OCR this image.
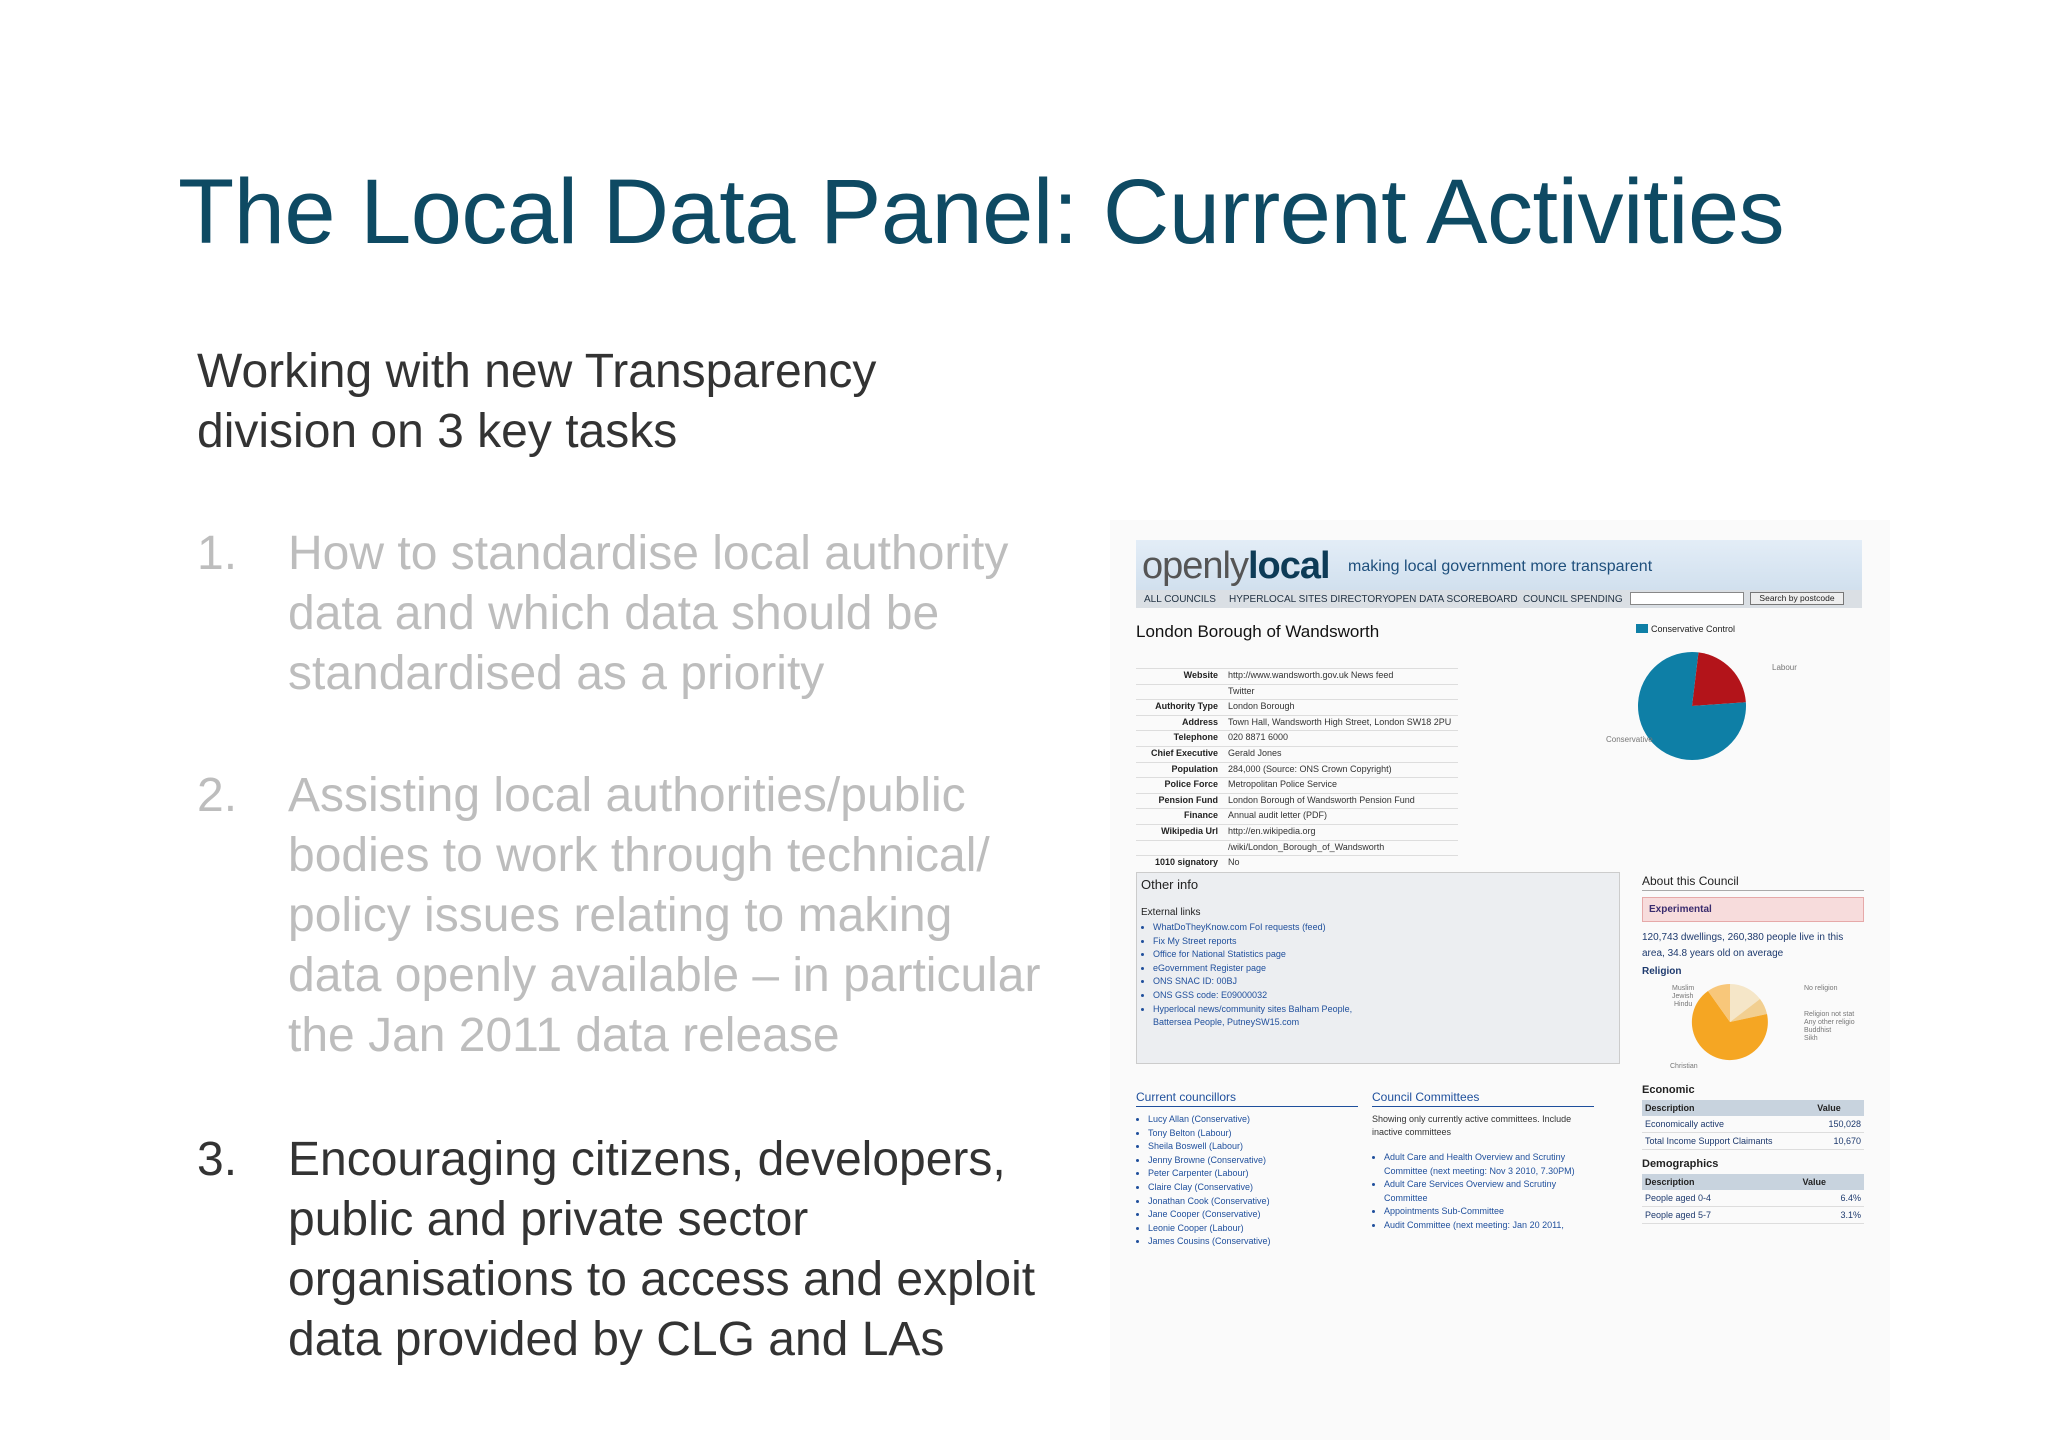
The Local Data Panel: Current Activities
Working with new Transparency
division on 3 key tasks
1. How to standardise local authority
data and which data should be
standardised as a priority
2. Assisting local authorities/public
bodies to work through technical/
policy issues relating to making
data openly available – in particular
the Jan 2011 data release
3. Encouraging citizens, developers,
public and private sector
organisations to access and exploit
data provided by CLG and LAs
openlylocal making local government more transparent
ALL COUNCILS HYPERLOCAL SITES DIRECTORY OPEN DATA SCOREBOARD COUNCIL SPENDING	Search by postcode
London Borough of Wandsworth
Website http://www.wandsworth.gov.uk News feed
Twitter
Authority Type London Borough
Address Town Hall, Wandsworth High Street, London SW18 2PU
Telephone 020 8871 6000
Chief Executive Gerald Jones
Population 284,000 (Source: ONS Crown Copyright)
Police Force Metropolitan Police Service
Pension Fund London Borough of Wandsworth Pension Fund
Finance Annual audit letter (PDF)
Wikipedia Url http://en.wikipedia.org
/wiki/London_Borough_of_Wandsworth
1010 signatory No
Conservative Control
Labour
Conservative
Other info
External links
• WhatDoTheyKnow.com FoI requests (feed)
• Fix My Street reports
• Office for National Statistics page
• eGovernment Register page
• ONS SNAC ID: 00BJ
• ONS GSS code: E09000032
• Hyperlocal news/community sites Balham People, Battersea People, PutneySW15.com
About this Council
Experimental

120,743 dwellings, 260,380 people live in this area, 34.8 years old on average

Religion

Muslim
Jewish
Hindu
No religion
Religion not stat
Any other religio
Buddhist
Sikh
Christian
Current councillors
• Lucy Allan (Conservative)
• Tony Belton (Labour)
• Sheila Boswell (Labour)
• Jenny Browne (Conservative)
• Peter Carpenter (Labour)
• Claire Clay (Conservative)
• Jonathan Cook (Conservative)
• Jane Cooper (Conservative)
• Leonie Cooper (Labour)
• James Cousins (Conservative)
Council Committees
Showing only currently active committees. Include inactive committees
• Adult Care and Health Overview and Scrutiny Committee (next meeting: Nov 3 2010, 7.30PM)
• Adult Care Services Overview and Scrutiny Committee
• Appointments Sub-Committee
• Audit Committee (next meeting: Jan 20 2011,
Economic
Description	Value
Economically active	150,028
Total Income Support Claimants	10,670
Demographics
Description	Value
People aged 0-4	6.4%
People aged 5-7	3.1%
